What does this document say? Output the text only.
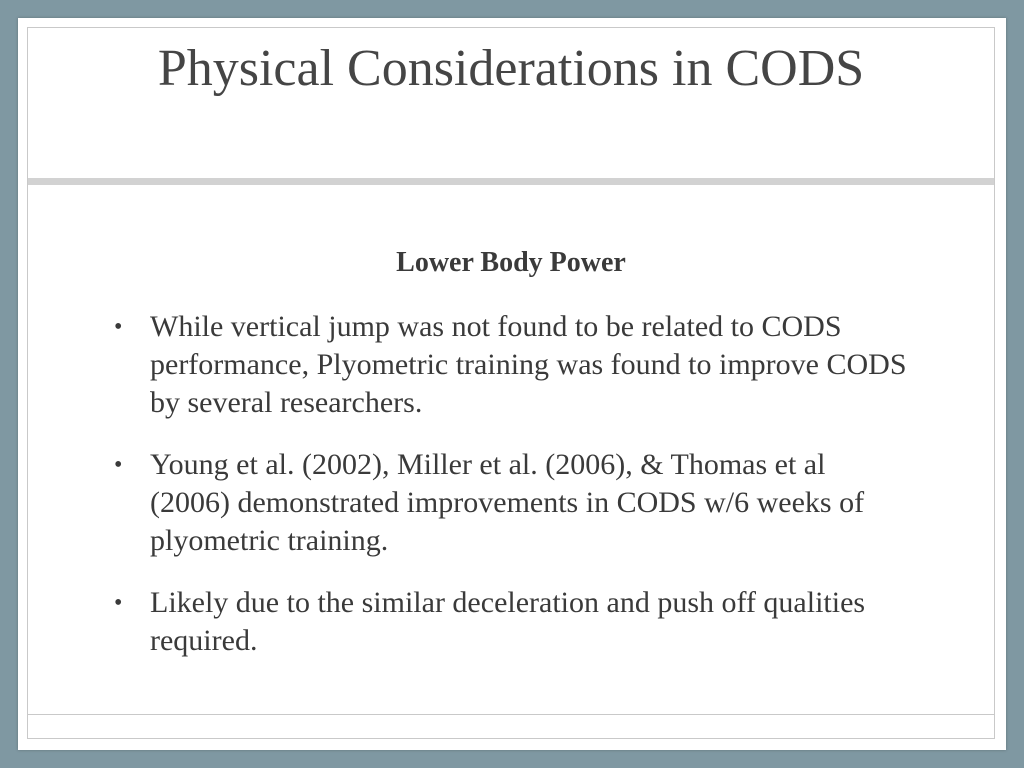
Physical Considerations in CODS
Lower Body Power
• While vertical jump was not found to be related to CODS performance, Plyometric training was found to improve CODS by several researchers.
• Young et al. (2002), Miller et al. (2006), & Thomas et al (2006) demonstrated improvements in CODS w/6 weeks of plyometric training.
• Likely due to the similar deceleration and push off qualities required.
